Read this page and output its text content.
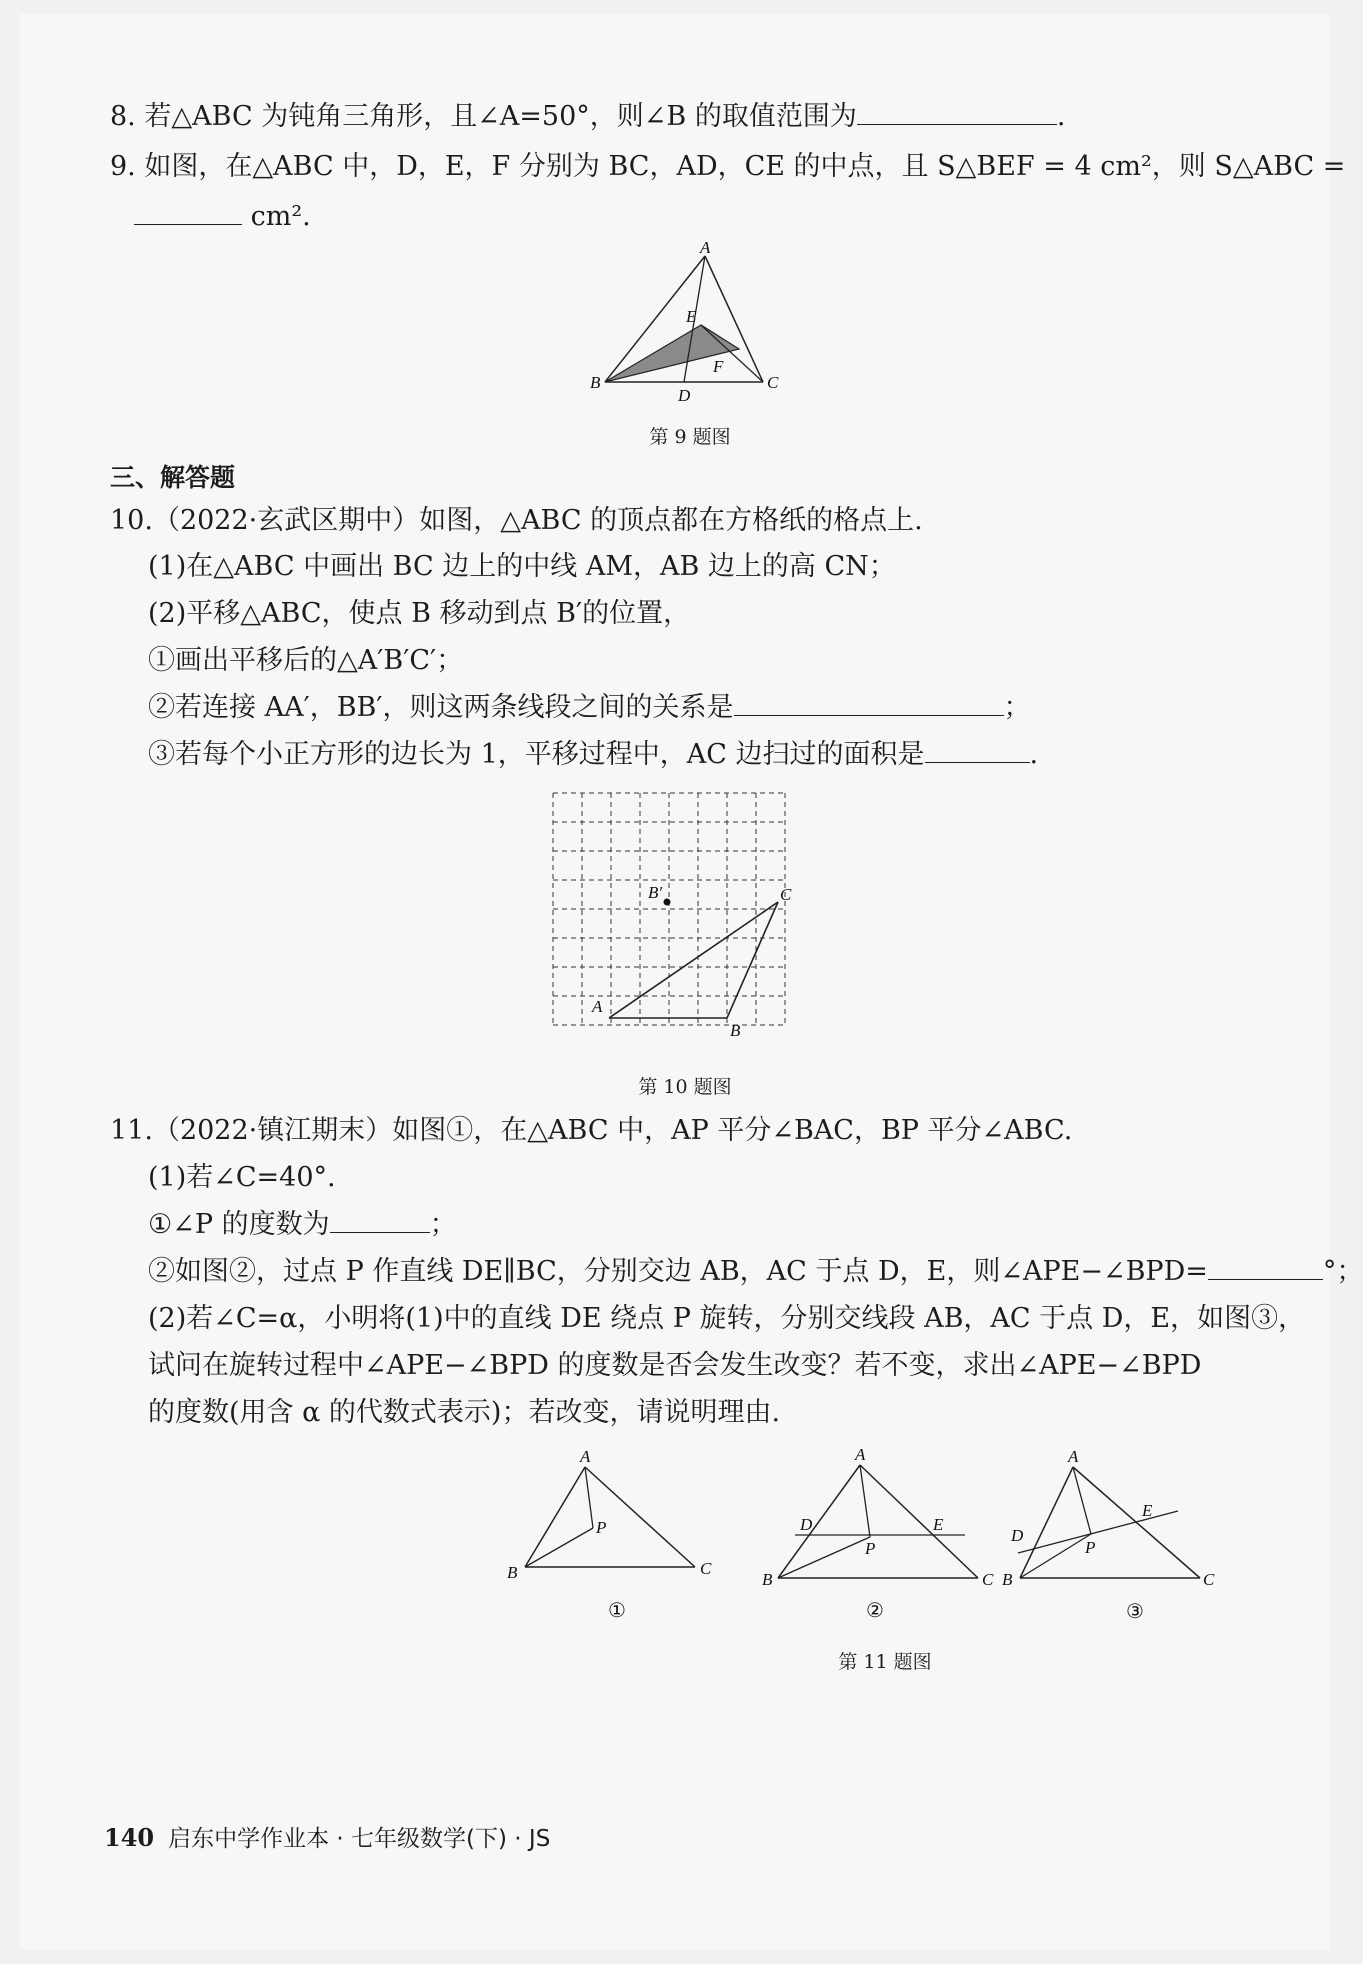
8. 若△ABC 为钝角三角形，且∠A=50°，则∠B 的取值范围为	.
9. 如图，在△ABC 中，D，E，F 分别为 BC，AD，CE 的中点，且 S△BEF = 4 cm²，则 S△ABC =
cm².
A
B	C
D
E
F
第 9 题图
三、解答题
10.（2022·玄武区期中）如图，△ABC 的顶点都在方格纸的格点上.
(1)在△ABC 中画出 BC 边上的中线 AM，AB 边上的高 CN；
(2)平移△ABC，使点 B 移动到点 B′的位置，
①画出平移后的△A′B′C′；
②若连接 AA′，BB′，则这两条线段之间的关系是	；
③若每个小正方形的边长为 1，平移过程中，AC 边扫过的面积是	.
A
B
C
B′
第 10 题图
11.（2022·镇江期末）如图①，在△ABC 中，AP 平分∠BAC，BP 平分∠ABC.
(1)若∠C=40°.
①∠P 的度数为	；
②如图②，过点 P 作直线 DE∥BC，分别交边 AB，AC 于点 D，E，则∠APE−∠BPD=	°；
(2)若∠C=α，小明将(1)中的直线 DE 绕点 P 旋转，分别交线段 AB，AC 于点 D，E，如图③，
试问在旋转过程中∠APE−∠BPD 的度数是否会发生改变？若不变，求出∠APE−∠BPD
的度数(用含 α 的代数式表示)；若改变，请说明理由.
A
B	C
P
①
A
B	C
D	E
P
②
A
B	C
D
E
P
③
第 11 题图
140 启东中学作业本 · 七年级数学(下) · JS
